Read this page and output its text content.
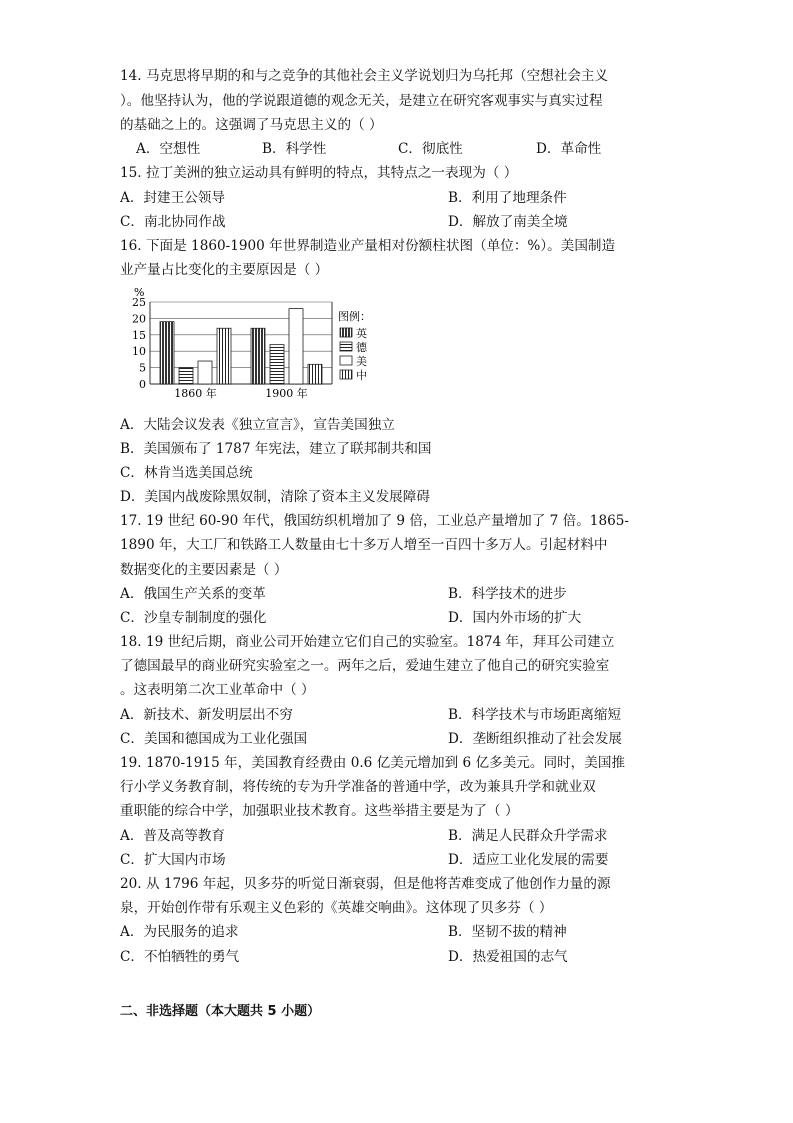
14. 马克思将早期的和与之竞争的其他社会主义学说划归为乌托邦（空想社会主义
）。他坚持认为，他的学说跟道德的观念无关，是建立在研究客观事实与真实过程
的基础之上的。这强调了马克思主义的（ ）
A．空想性	B．科学性	C．彻底性	D．革命性
15. 拉丁美洲的独立运动具有鲜明的特点，其特点之一表现为（ ）
A．封建王公领导	B．利用了地理条件
C．南北协同作战	D．解放了南美全境
16. 下面是 1860-1900 年世界制造业产量相对份额柱状图（单位：%）。美国制造
业产量占比变化的主要原因是（ ）
%
0
5
10
15
20
25
1860 年	1900 年
图例：
英
德
美
中
A．大陆会议发表《独立宣言》，宣告美国独立
B．美国颁布了 1787 年宪法，建立了联邦制共和国
C．林肯当选美国总统
D．美国内战废除黑奴制，清除了资本主义发展障碍
17. 19 世纪 60-90 年代，俄国纺织机增加了 9 倍，工业总产量增加了 7 倍。1865-
1890 年，大工厂和铁路工人数量由七十多万人增至一百四十多万人。引起材料中
数据变化的主要因素是（ ）
A．俄国生产关系的变革	B．科学技术的进步
C．沙皇专制制度的强化	D．国内外市场的扩大
18. 19 世纪后期，商业公司开始建立它们自己的实验室。1874 年，拜耳公司建立
了德国最早的商业研究实验室之一。两年之后，爱迪生建立了他自己的研究实验室
。这表明第二次工业革命中（ ）
A．新技术、新发明层出不穷	B．科学技术与市场距离缩短
C．美国和德国成为工业化强国	D．垄断组织推动了社会发展
19. 1870-1915 年，美国教育经费由 0.6 亿美元增加到 6 亿多美元。同时，美国推
行小学义务教育制，将传统的专为升学准备的普通中学，改为兼具升学和就业双
重职能的综合中学，加强职业技术教育。这些举措主要是为了（ ）
A．普及高等教育	B．满足人民群众升学需求
C．扩大国内市场	D．适应工业化发展的需要
20. 从 1796 年起，贝多芬的听觉日渐衰弱，但是他将苦难变成了他创作力量的源
泉，开始创作带有乐观主义色彩的《英雄交响曲》。这体现了贝多芬（ ）
A．为民服务的追求	B．坚韧不拔的精神
C．不怕牺牲的勇气	D．热爱祖国的志气
二、非选择题（本大题共 5 小题）
